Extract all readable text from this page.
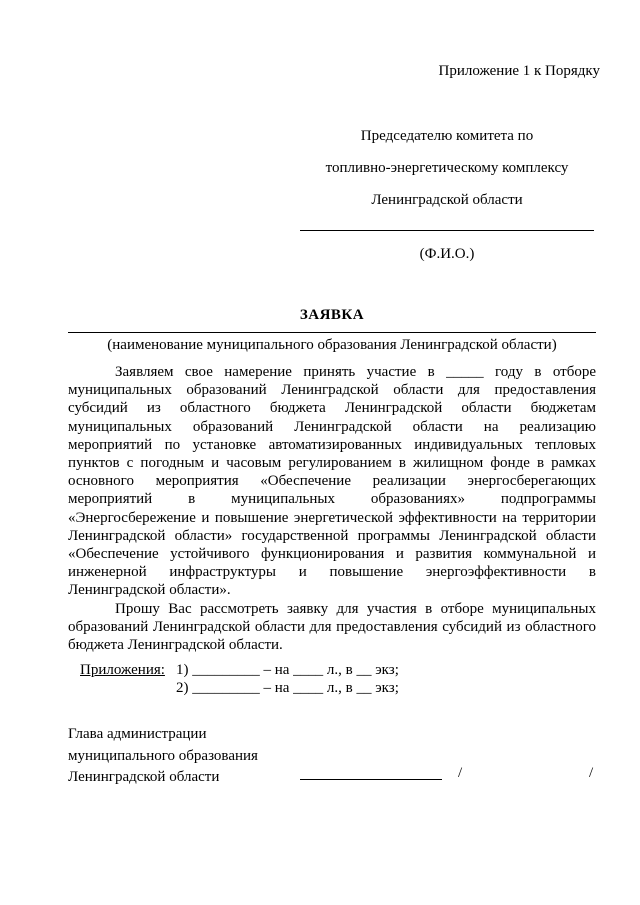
Приложение 1 к Порядку
Председателю комитета по
топливно-энергетическому комплексу
Ленинградской области
(Ф.И.О.)
ЗАЯВКА
(наименование муниципального образования Ленинградской области)

Заявляем свое намерение принять участие в _____ году в отборе муниципальных образований Ленинградской области для предоставления субсидий из областного бюджета Ленинградской области бюджетам муниципальных образований Ленинградской области на реализацию мероприятий по установке автоматизированных индивидуальных тепловых пунктов с погодным и часовым регулированием в жилищном фонде в рамках основного мероприятия «Обеспечение реализации энергосберегающих мероприятий в муниципальных образованиях» подпрограммы «Энергосбережение и повышение энергетической эффективности на территории Ленинградской области» государственной программы Ленинградской области «Обеспечение устойчивого функционирования и развития коммунальной и инженерной инфраструктуры и повышение энергоэффективности в Ленинградской области».

Прошу Вас рассмотреть заявку для участия в отборе муниципальных образований Ленинградской области для предоставления субсидий из областного бюджета Ленинградской области.

Приложения: 1) _________ – на ____ л., в __ экз;
2) _________ – на ____ л., в __ экз;
Глава администрации
муниципального образования
Ленинградской области	/	/
